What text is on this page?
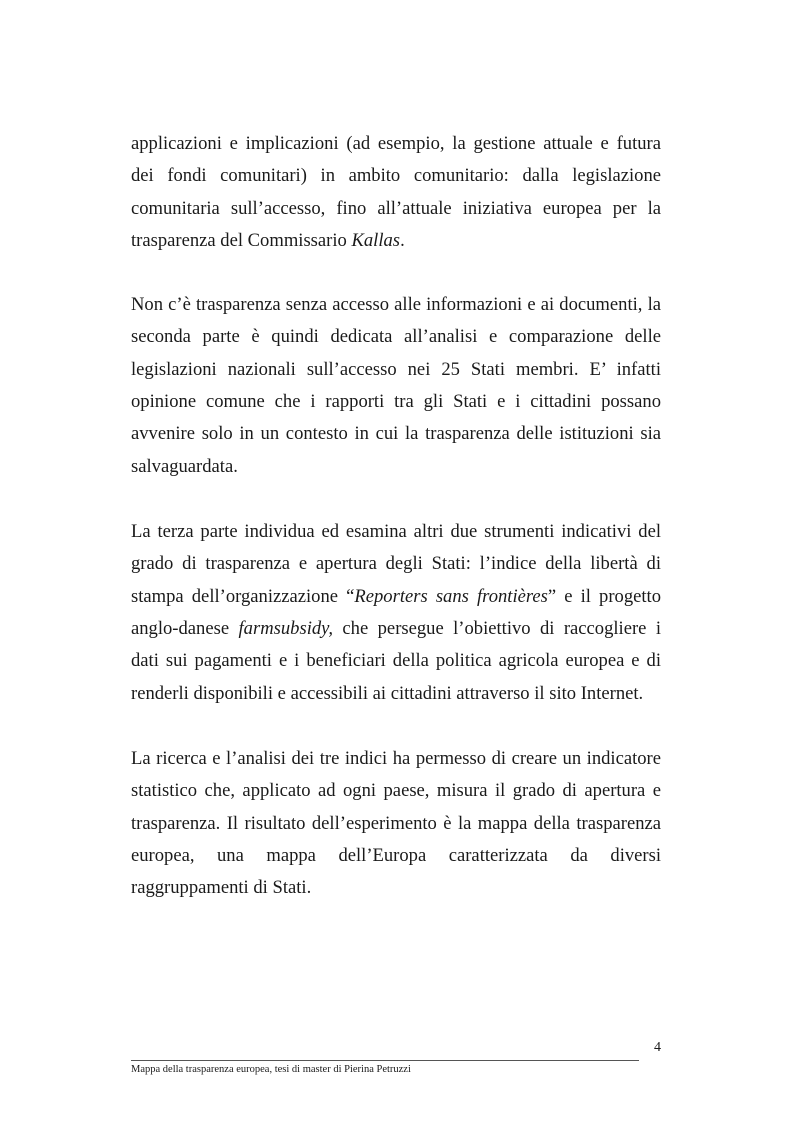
applicazioni e implicazioni (ad esempio, la gestione attuale e futura
dei fondi comunitari) in ambito comunitario: dalla legislazione
comunitaria sull’accesso, fino all’attuale iniziativa europea per la
trasparenza del Commissario Kallas.
Non c’è trasparenza senza accesso alle informazioni e ai documenti, la
seconda parte è quindi dedicata all’analisi e comparazione delle
legislazioni nazionali sull’accesso nei 25 Stati membri. E’ infatti
opinione comune che i rapporti tra gli Stati e i cittadini possano
avvenire solo in un contesto in cui la trasparenza delle istituzioni sia
salvaguardata.
La terza parte individua ed esamina altri due strumenti indicativi del
grado di trasparenza e apertura degli Stati: l’indice della libertà di
stampa dell’organizzazione “Reporters sans frontières” e il progetto
anglo-danese farmsubsidy, che persegue l’obiettivo di raccogliere i
dati sui pagamenti e i beneficiari della politica agricola europea e di
renderli disponibili e accessibili ai cittadini attraverso il sito Internet.
La ricerca e l’analisi dei tre indici ha permesso di creare un indicatore
statistico che, applicato ad ogni paese, misura il grado di apertura e
trasparenza. Il risultato dell’esperimento è la mappa della trasparenza
europea, una mappa dell’Europa caratterizzata da diversi
raggruppamenti di Stati.
4
Mappa della trasparenza europea, tesi di master di Pierina Petruzzi
